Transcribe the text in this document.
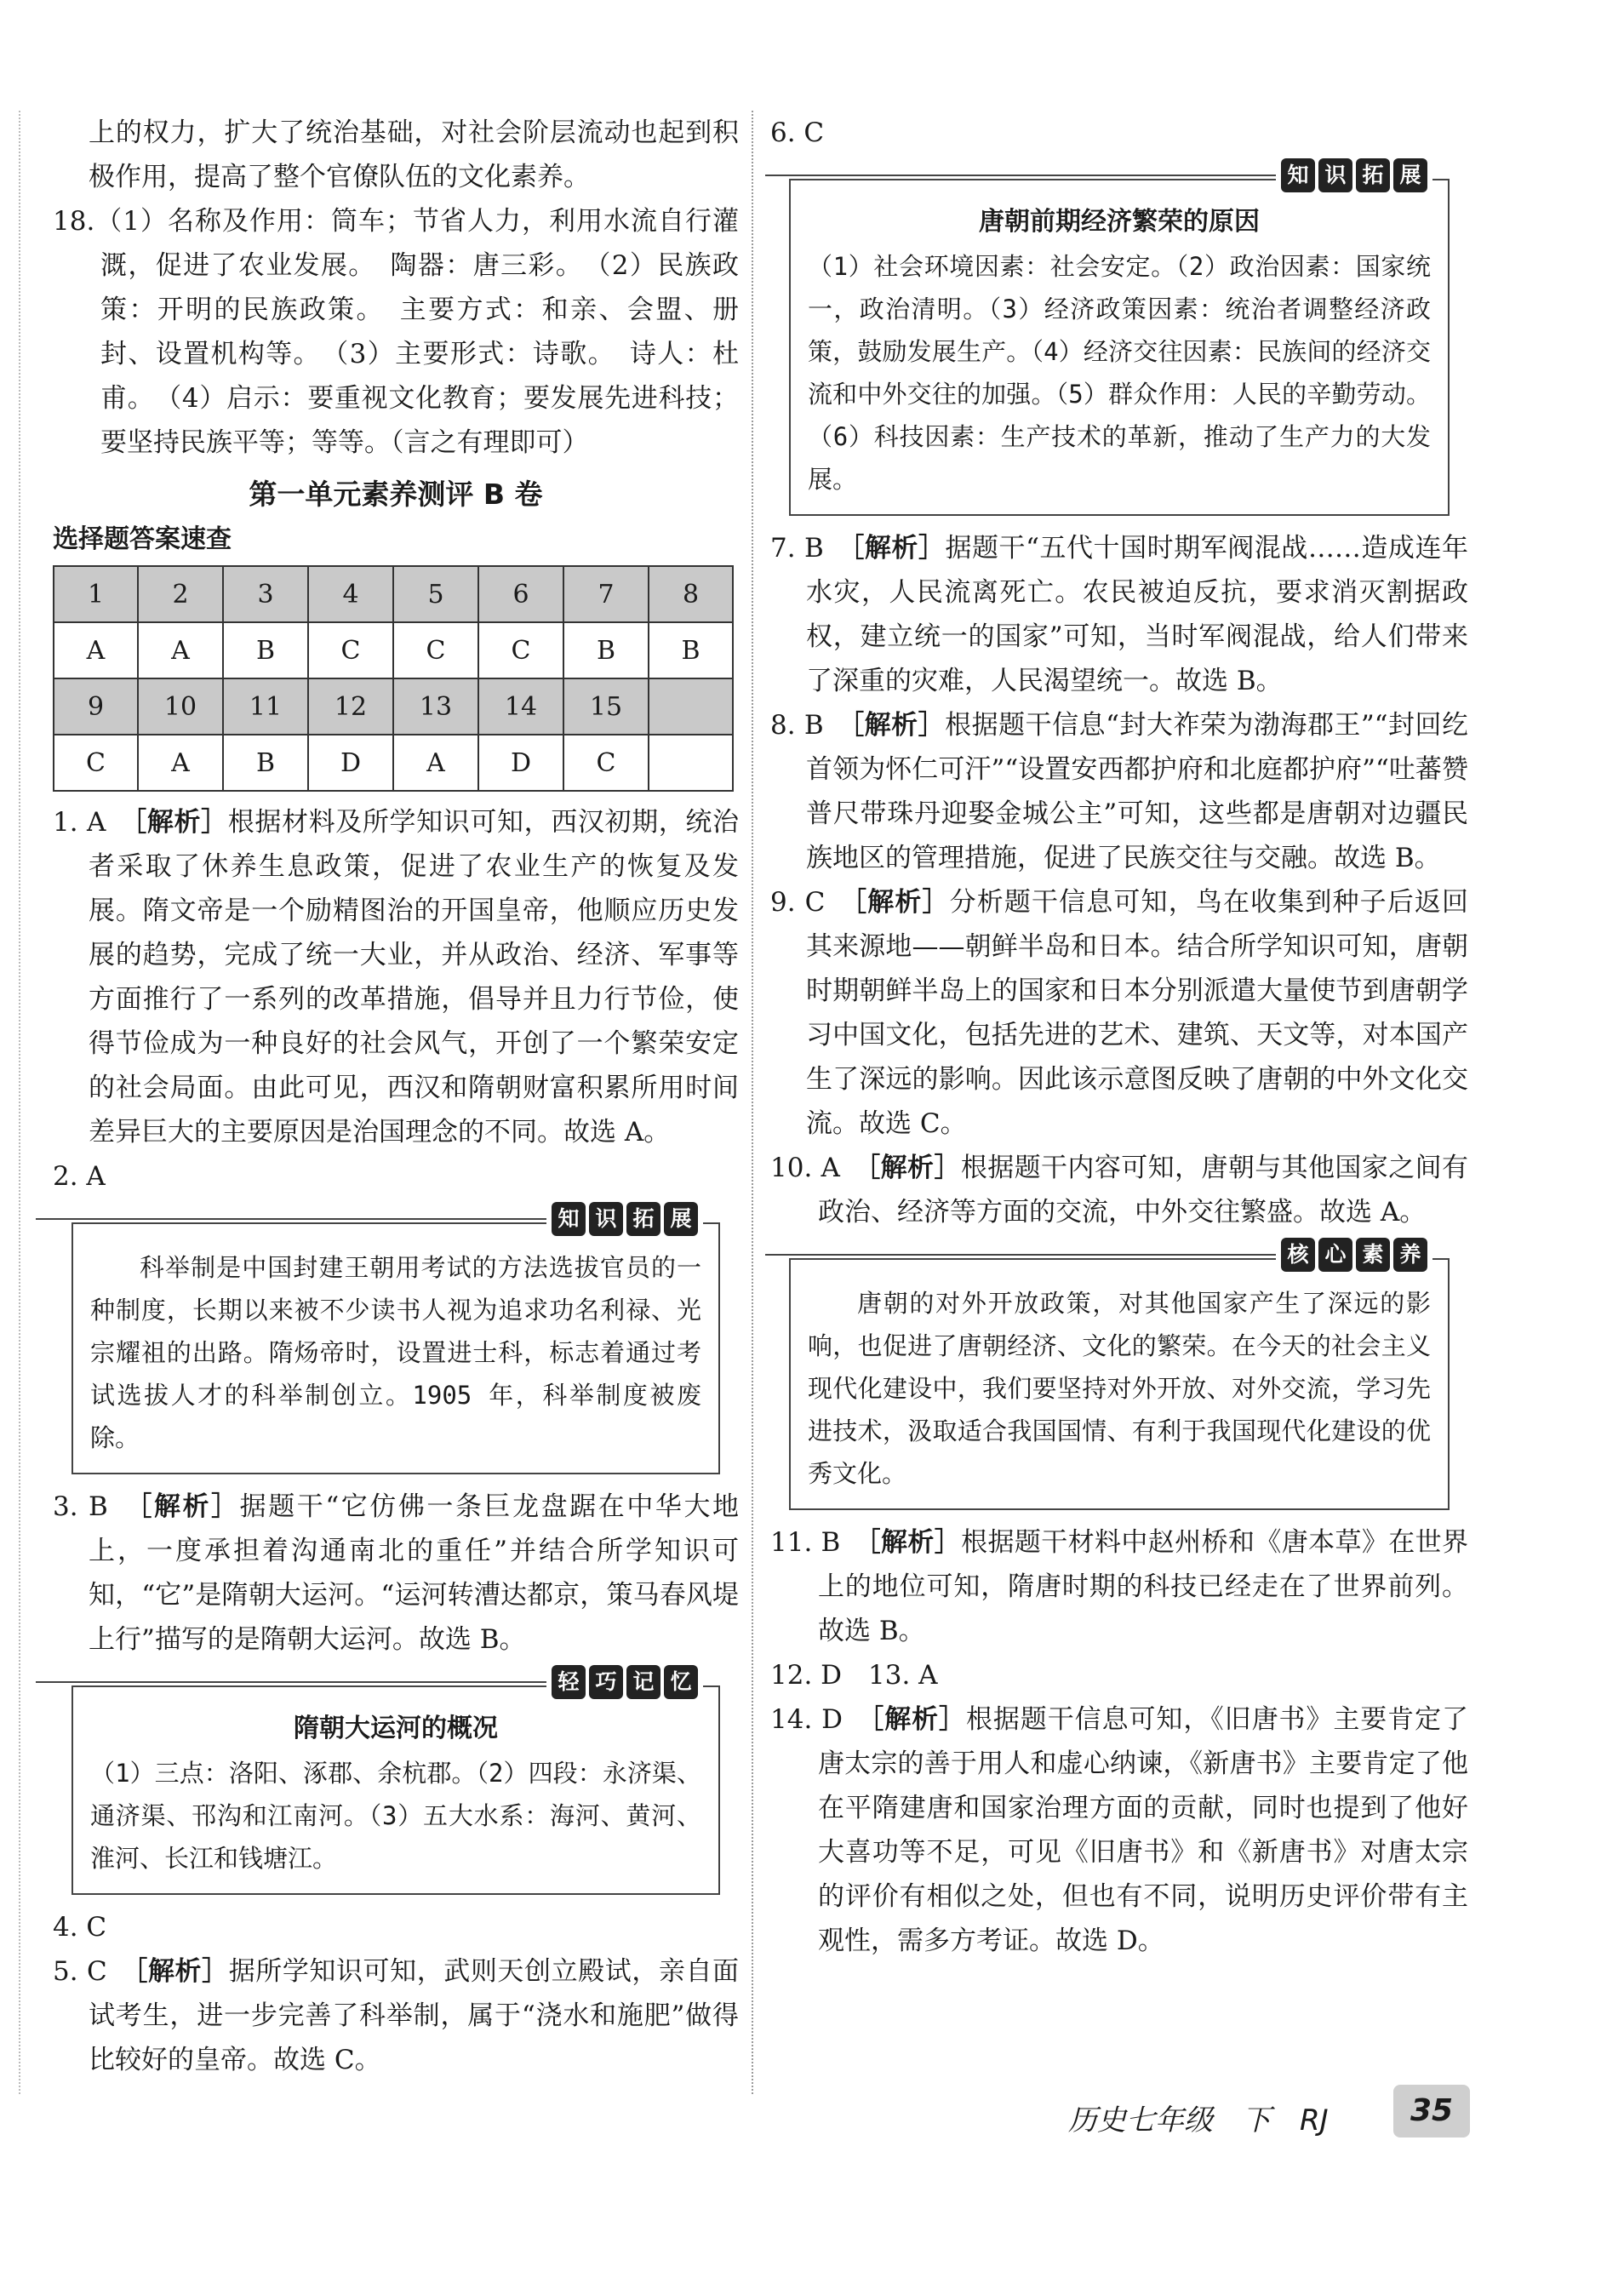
上的权力，扩大了统治基础，对社会阶层流动也起到积极作用，提高了整个官僚队伍的文化素养。

18.（1）名称及作用：筒车；节省人力，利用水流自行灌溉，促进了农业发展。　陶器：唐三彩。　（2）民族政策：开明的民族政策。　主要方式：和亲、会盟、册封、设置机构等。　（3）主要形式：诗歌。　诗人：杜甫。　（4）启示：要重视文化教育；要发展先进科技；要坚持民族平等；等等。（言之有理即可）

第一单元素养测评 B 卷
选择题答案速查
1	2	3	4	5	6	7	8
A	A	B	C	C	C	B	B
9	10	11	12	13	14	15	
C	A	B	D	A	D	C	

1. A　 ［解析］根据材料及所学知识可知，西汉初期，统治者采取了休养生息政策，促进了农业生产的恢复及发展。隋文帝是一个励精图治的开国皇帝，他顺应历史发展的趋势，完成了统一大业，并从政治、经济、军事等方面推行了一系列的改革措施，倡导并且力行节俭，使得节俭成为一种良好的社会风气，开创了一个繁荣安定的社会局面。由此可见，西汉和隋朝财富积累所用时间差异巨大的主要原因是治国理念的不同。故选 A。

2. A

知 识 拓 展

科举制是中国封建王朝用考试的方法选拔官员的一种制度，长期以来被不少读书人视为追求功名利禄、光宗耀祖的出路。隋炀帝时，设置进士科，标志着通过考试选拔人才的科举制创立。1905 年，科举制度被废除。

3. B　 ［解析］据题干“它仿佛一条巨龙盘踞在中华大地上，一度承担着沟通南北的重任”并结合所学知识可知，“它”是隋朝大运河。“运河转漕达都京，策马春风堤上行”描写的是隋朝大运河。故选 B。

轻 巧 记 忆
隋朝大运河的概况

（1）三点：洛阳、涿郡、余杭郡。（2）四段：永济渠、通济渠、邗沟和江南河。（3）五大水系：海河、黄河、淮河、长江和钱塘江。

4. C

5. C　 ［解析］据所学知识可知，武则天创立殿试，亲自面试考生，进一步完善了科举制，属于“浇水和施肥”做得比较好的皇帝。故选 C。

6. C

知 识 拓 展
唐朝前期经济繁荣的原因

（1）社会环境因素：社会安定。（2）政治因素：国家统一，政治清明。（3）经济政策因素：统治者调整经济政策，鼓励发展生产。（4）经济交往因素：民族间的经济交流和中外交往的加强。（5）群众作用：人民的辛勤劳动。（6）科技因素：生产技术的革新，推动了生产力的大发展。

7. B　 ［解析］据题干“五代十国时期军阀混战……造成连年水灾，人民流离死亡。农民被迫反抗，要求消灭割据政权，建立统一的国家”可知，当时军阀混战，给人们带来了深重的灾难，人民渴望统一。故选 B。

8. B　 ［解析］根据题干信息“封大祚荣为渤海郡王”“封回纥首领为怀仁可汗”“设置安西都护府和北庭都护府”“吐蕃赞普尺带珠丹迎娶金城公主”可知，这些都是唐朝对边疆民族地区的管理措施，促进了民族交往与交融。故选 B。

9. C　 ［解析］分析题干信息可知，鸟在收集到种子后返回其来源地——朝鲜半岛和日本。结合所学知识可知，唐朝时期朝鲜半岛上的国家和日本分别派遣大量使节到唐朝学习中国文化，包括先进的艺术、建筑、天文等，对本国产生了深远的影响。因此该示意图反映了唐朝的中外文化交流。故选 C。

10. A　 ［解析］根据题干内容可知，唐朝与其他国家之间有政治、经济等方面的交流，中外交往繁盛。故选 A。

核 心 素 养

唐朝的对外开放政策，对其他国家产生了深远的影响，也促进了唐朝经济、文化的繁荣。在今天的社会主义现代化建设中，我们要坚持对外开放、对外交流，学习先进技术，汲取适合我国国情、有利于我国现代化建设的优秀文化。

11. B　 ［解析］根据题干材料中赵州桥和《唐本草》在世界上的地位可知，隋唐时期的科技已经走在了世界前列。故选 B。

12. D　13. A

14. D　 ［解析］根据题干信息可知，《旧唐书》主要肯定了唐太宗的善于用人和虚心纳谏，《新唐书》主要肯定了他在平隋建唐和国家治理方面的贡献，同时也提到了他好大喜功等不足，可见《旧唐书》和《新唐书》对唐太宗的评价有相似之处，但也有不同，说明历史评价带有主观性，需多方考证。故选 D。

历史七年级　下　RJ	35
